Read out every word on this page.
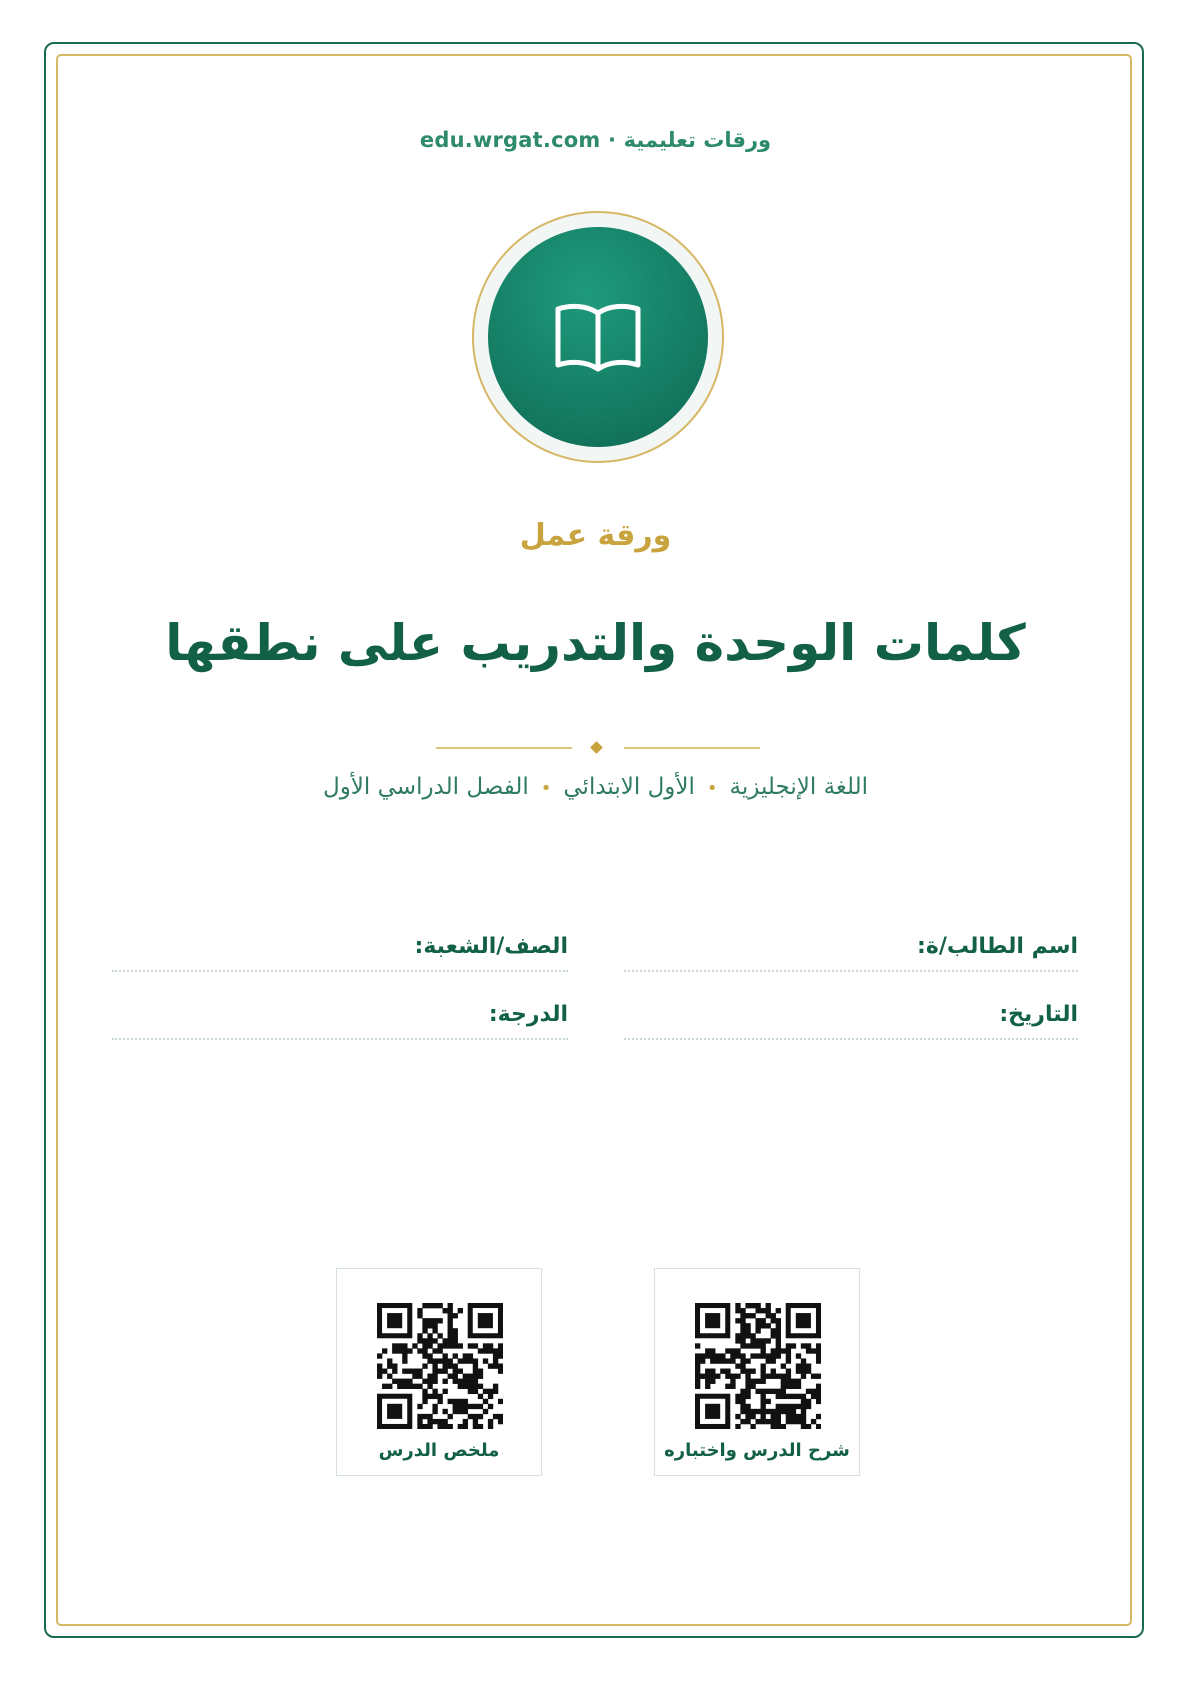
edu.wrgat.com · ورقات تعليمية
ورقة عمل
كلمات الوحدة والتدريب على نطقها
اللغة الإنجليزية•الأول الابتدائي•الفصل الدراسي الأول
اسم الطالب/ة:
الصف/الشعبة:
التاريخ:
الدرجة:
شرح الدرس واختباره
ملخص الدرس
